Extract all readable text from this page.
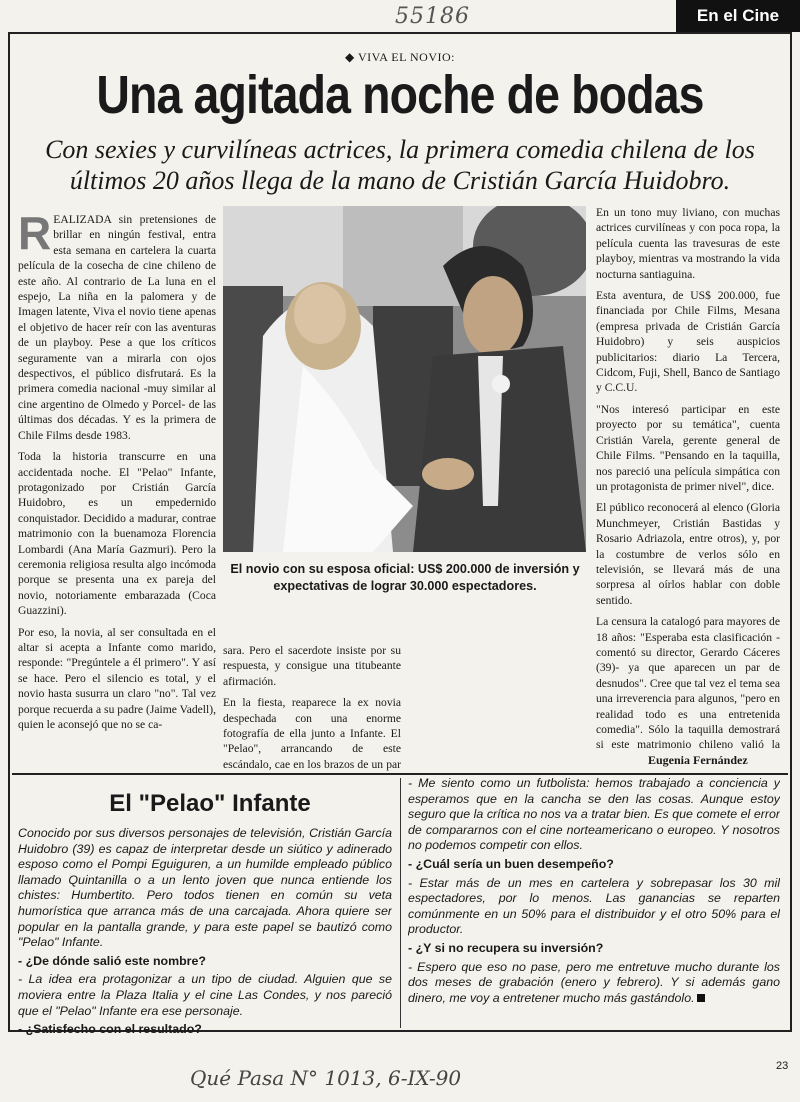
55186	En el Cine
◆ VIVA EL NOVIO:
Una agitada noche de bodas
Con sexies y curvilíneas actrices, la primera comedia chilena de los últimos 20 años llega de la mano de Cristián García Huidobro.

REALIZADA sin pretensiones de brillar en ningún festival, entra esta semana en cartelera la cuarta película de la cosecha de cine chileno de este año. Al contrario de La luna en el espejo, La niña en la palomera y de Imagen latente, Viva el novio tiene apenas el objetivo de hacer reír con las aventuras de un playboy. Pese a que los críticos seguramente van a mirarla con ojos despectivos, el público disfrutará. Es la primera comedia nacional -muy similar al cine argentino de Olmedo y Porcel- de las últimas dos décadas. Y es la primera de Chile Films desde 1983.

Toda la historia transcurre en una accidentada noche. El "Pelao" Infante, protagonizado por Cristián García Huidobro, es un empedernido conquistador. Decidido a madurar, contrae matrimonio con la buenamoza Florencia Lombardi (Ana María Gazmuri). Pero la ceremonia religiosa resulta algo incómoda porque se presenta una ex pareja del novio, notoriamente embarazada (Coca Guazzini).

Por eso, la novia, al ser consultada en el altar si acepta a Infante como marido, responde: "Pregúntele a él primero". Y así se hace. Pero el silencio es total, y el novio hasta susurra un claro "no". Tal vez porque recuerda a su padre (Jaime Vadell), quien le aconsejó que no se ca-

El novio con su esposa oficial: US$ 200.000 de inversión y expectativas de lograr 30.000 espectadores.

sara. Pero el sacerdote insiste por su respuesta, y consigue una titubeante afirmación.

En la fiesta, reaparece la ex novia despechada con una enorme fotografía de ella junto a Infante. El "Pelao", arrancando de este escándalo, cae en los brazos de un par

En un tono muy liviano, con muchas actrices curvilíneas y con poca ropa, la película cuenta las travesuras de este playboy, mientras va mostrando la vida nocturna santiaguina.

Esta aventura, de US$ 200.000, fue financiada por Chile Films, Mesana (empresa privada de Cristián García Huidobro) y seis auspicios publicitarios: diario La Tercera, Cidcom, Fuji, Shell, Banco de Santiago y C.C.U.

"Nos interesó participar en este proyecto por su temática", cuenta Cristián Varela, gerente general de Chile Films. "Pensando en la taquilla, nos pareció una película simpática con un protagonista de primer nivel", dice.

El público reconocerá al elenco (Gloria Munchmeyer, Cristián Bastidas y Rosario Adriazola, entre otros), y, por la costumbre de verlos sólo en televisión, se llevará más de una sorpresa al oírlos hablar con doble sentido.

La censura la catalogó para mayores de 18 años: "Esperaba esta clasificación -comentó su director, Gerardo Cáceres (39)- ya que aparecen un par de desnudos". Cree que tal vez el tema sea una irreverencia para algunos, "pero en realidad todo es una entretenida comedia". Sólo la taquilla demostrará si este matrimonio chileno valió la

Eugenia Fernández
El "Pelao" Infante

Conocido por sus diversos personajes de televisión, Cristián García Huidobro (39) es capaz de interpretar desde un siútico y adinerado esposo como el Pompi Eguiguren, a un humilde empleado público llamado Quintanilla o a un lento joven que nunca entiende los chistes: Humbertito. Pero todos tienen en común su veta humorística que arranca más de una carcajada. Ahora quiere ser popular en la pantalla grande, y para este papel se bautizó como "Pelao" Infante.

- ¿De dónde salió este nombre?

- La idea era protagonizar a un tipo de ciudad. Alguien que se moviera entre la Plaza Italia y el cine Las Condes, y nos pareció que el "Pelao" Infante era ese personaje.

- ¿Satisfecho con el resultado?

- Me siento como un futbolista: hemos trabajado a conciencia y esperamos que en la cancha se den las cosas. Aunque estoy seguro que la crítica no nos va a tratar bien. Es que comete el error de compararnos con el cine norteamericano o europeo. Y nosotros no podemos competir con ellos.

- ¿Cuál sería un buen desempeño?

- Estar más de un mes en cartelera y sobrepasar los 30 mil espectadores, por lo menos. Las ganancias se reparten comúnmente en un 50% para el distribuidor y el otro 50% para el productor.

- ¿Y si no recupera su inversión?

- Espero que eso no pase, pero me entretuve mucho durante los dos meses de grabación (enero y febrero). Y si además gano dinero, me voy a entretener mucho más gastándolo.

23
Qué Pasa N° 1013, 6-IX-90
